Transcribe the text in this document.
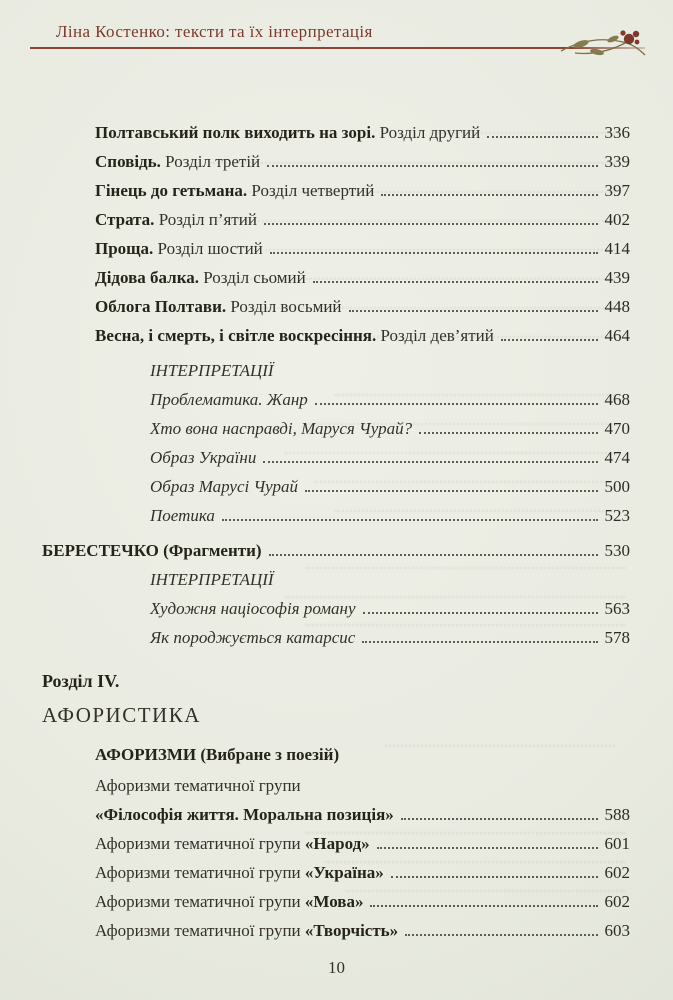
Ліна Костенко: тексти та їх інтерпретація
Полтавський полк виходить на зорі. Розділ другий	336
Сповідь. Розділ третій	339
Гінець до гетьмана. Розділ четвертий	397
Страта. Розділ п’ятий	402
Проща. Розділ шостий	414
Дідова балка. Розділ сьомий	439
Облога Полтави. Розділ восьмий	448
Весна, і смерть, і світле воскресіння. Розділ дев’ятий	464
ІНТЕРПРЕТАЦІЇ
Проблематика. Жанр	468
Хто вона насправді, Маруся Чурай?	470
Образ України	474
Образ Марусі Чурай	500
Поетика	523
БЕРЕСТЕЧКО (Фрагменти)	530
ІНТЕРПРЕТАЦІЇ
Художня націософія роману	563
Як породжується катарсис	578
Розділ IV.
АФОРИСТИКА
АФОРИЗМИ (Вибране з поезій)
Афоризми тематичної групи
«Філософія життя. Моральна позиція»	588
Афоризми тематичної групи «Народ»	601
Афоризми тематичної групи «Україна»	602
Афоризми тематичної групи «Мова»	602
Афоризми тематичної групи «Творчість»	603
10
